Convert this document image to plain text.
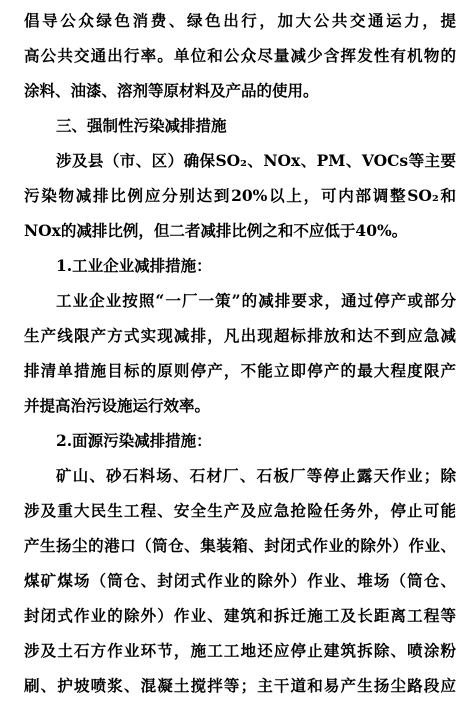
倡导公众绿色消费、绿色出行，加大公共交通运力，提
高公共交通出行率。单位和公众尽量减少含挥发性有机物的
涂料、油漆、溶剂等原材料及产品的使用。
三、强制性污染减排措施
涉及县（市、区）确保SO₂、NOx、PM、VOCs等主要
污染物减排比例应分别达到20%以上，可内部调整SO₂和
NOx的减排比例，但二者减排比例之和不应低于40%。
1.工业企业减排措施：
工业企业按照“一厂一策”的减排要求，通过停产或部分
生产线限产方式实现减排，凡出现超标排放和达不到应急减
排清单措施目标的原则停产，不能立即停产的最大程度限产
并提高治污设施运行效率。
2.面源污染减排措施：
矿山、砂石料场、石材厂、石板厂等停止露天作业；除
涉及重大民生工程、安全生产及应急抢险任务外，停止可能
产生扬尘的港口（筒仓、集装箱、封闭式作业的除外）作业、
煤矿煤场（筒仓、封闭式作业的除外）作业、堆场（筒仓、
封闭式作业的除外）作业、建筑和拆迁施工及长距离工程等
涉及土石方作业环节，施工工地还应停止建筑拆除、喷涂粉
刷、护坡喷浆、混凝土搅拌等；主干道和易产生扬尘路段应
